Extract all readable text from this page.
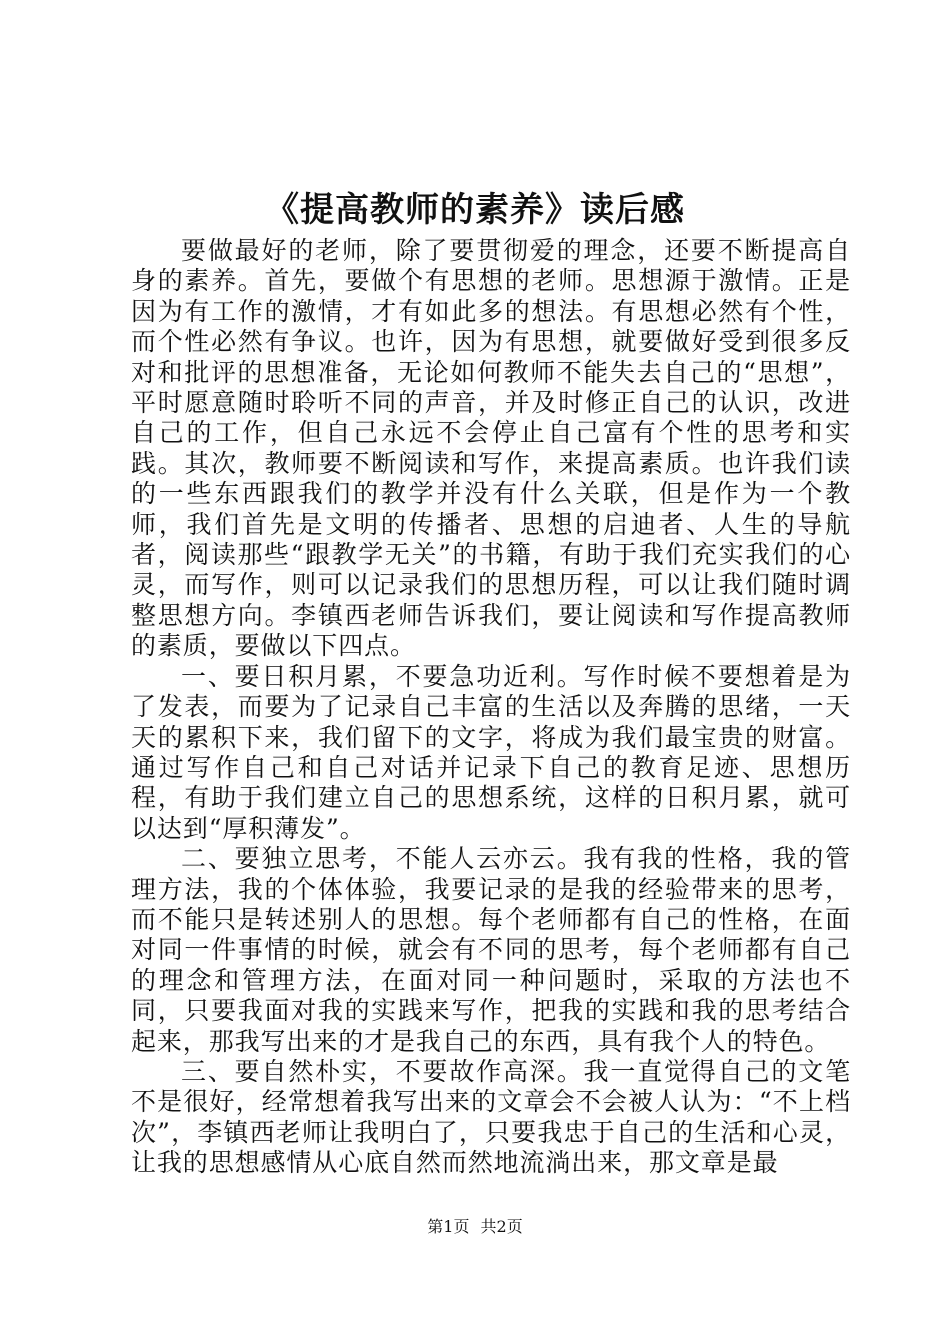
《提高教师的素养》读后感

要做最好的老师，除了要贯彻爱的理念，还要不断提高自身的素养。首先，要做个有思想的老师。思想源于激情。正是因为有工作的激情，才有如此多的想法。有思想必然有个性，而个性必然有争议。也许，因为有思想，就要做好受到很多反对和批评的思想准备，无论如何教师不能失去自己的“思想”，平时愿意随时聆听不同的声音，并及时修正自己的认识，改进自己的工作，但自己永远不会停止自己富有个性的思考和实践。其次，教师要不断阅读和写作，来提高素质。也许我们读的一些东西跟我们的教学并没有什么关联，但是作为一个教师，我们首先是文明的传播者、思想的启迪者、人生的导航者，阅读那些“跟教学无关”的书籍，有助于我们充实我们的心灵，而写作，则可以记录我们的思想历程，可以让我们随时调整思想方向。李镇西老师告诉我们，要让阅读和写作提高教师的素质，要做以下四点。

一、要日积月累，不要急功近利。写作时候不要想着是为了发表，而要为了记录自己丰富的生活以及奔腾的思绪，一天天的累积下来，我们留下的文字，将成为我们最宝贵的财富。通过写作自己和自己对话并记录下自己的教育足迹、思想历程，有助于我们建立自己的思想系统，这样的日积月累，就可以达到“厚积薄发”。

二、要独立思考，不能人云亦云。我有我的性格，我的管理方法，我的个体体验，我要记录的是我的经验带来的思考，而不能只是转述别人的思想。每个老师都有自己的性格，在面对同一件事情的时候，就会有不同的思考，每个老师都有自己的理念和管理方法，在面对同一种问题时，采取的方法也不同，只要我面对我的实践来写作，把我的实践和我的思考结合起来，那我写出来的才是我自己的东西，具有我个人的特色。

三、要自然朴实，不要故作高深。我一直觉得自己的文笔不是很好，经常想着我写出来的文章会不会被人认为：“不上档次”，李镇西老师让我明白了，只要我忠于自己的生活和心灵，让我的思想感情从心底自然而然地流淌出来，那文章是最

第1页 共2页
